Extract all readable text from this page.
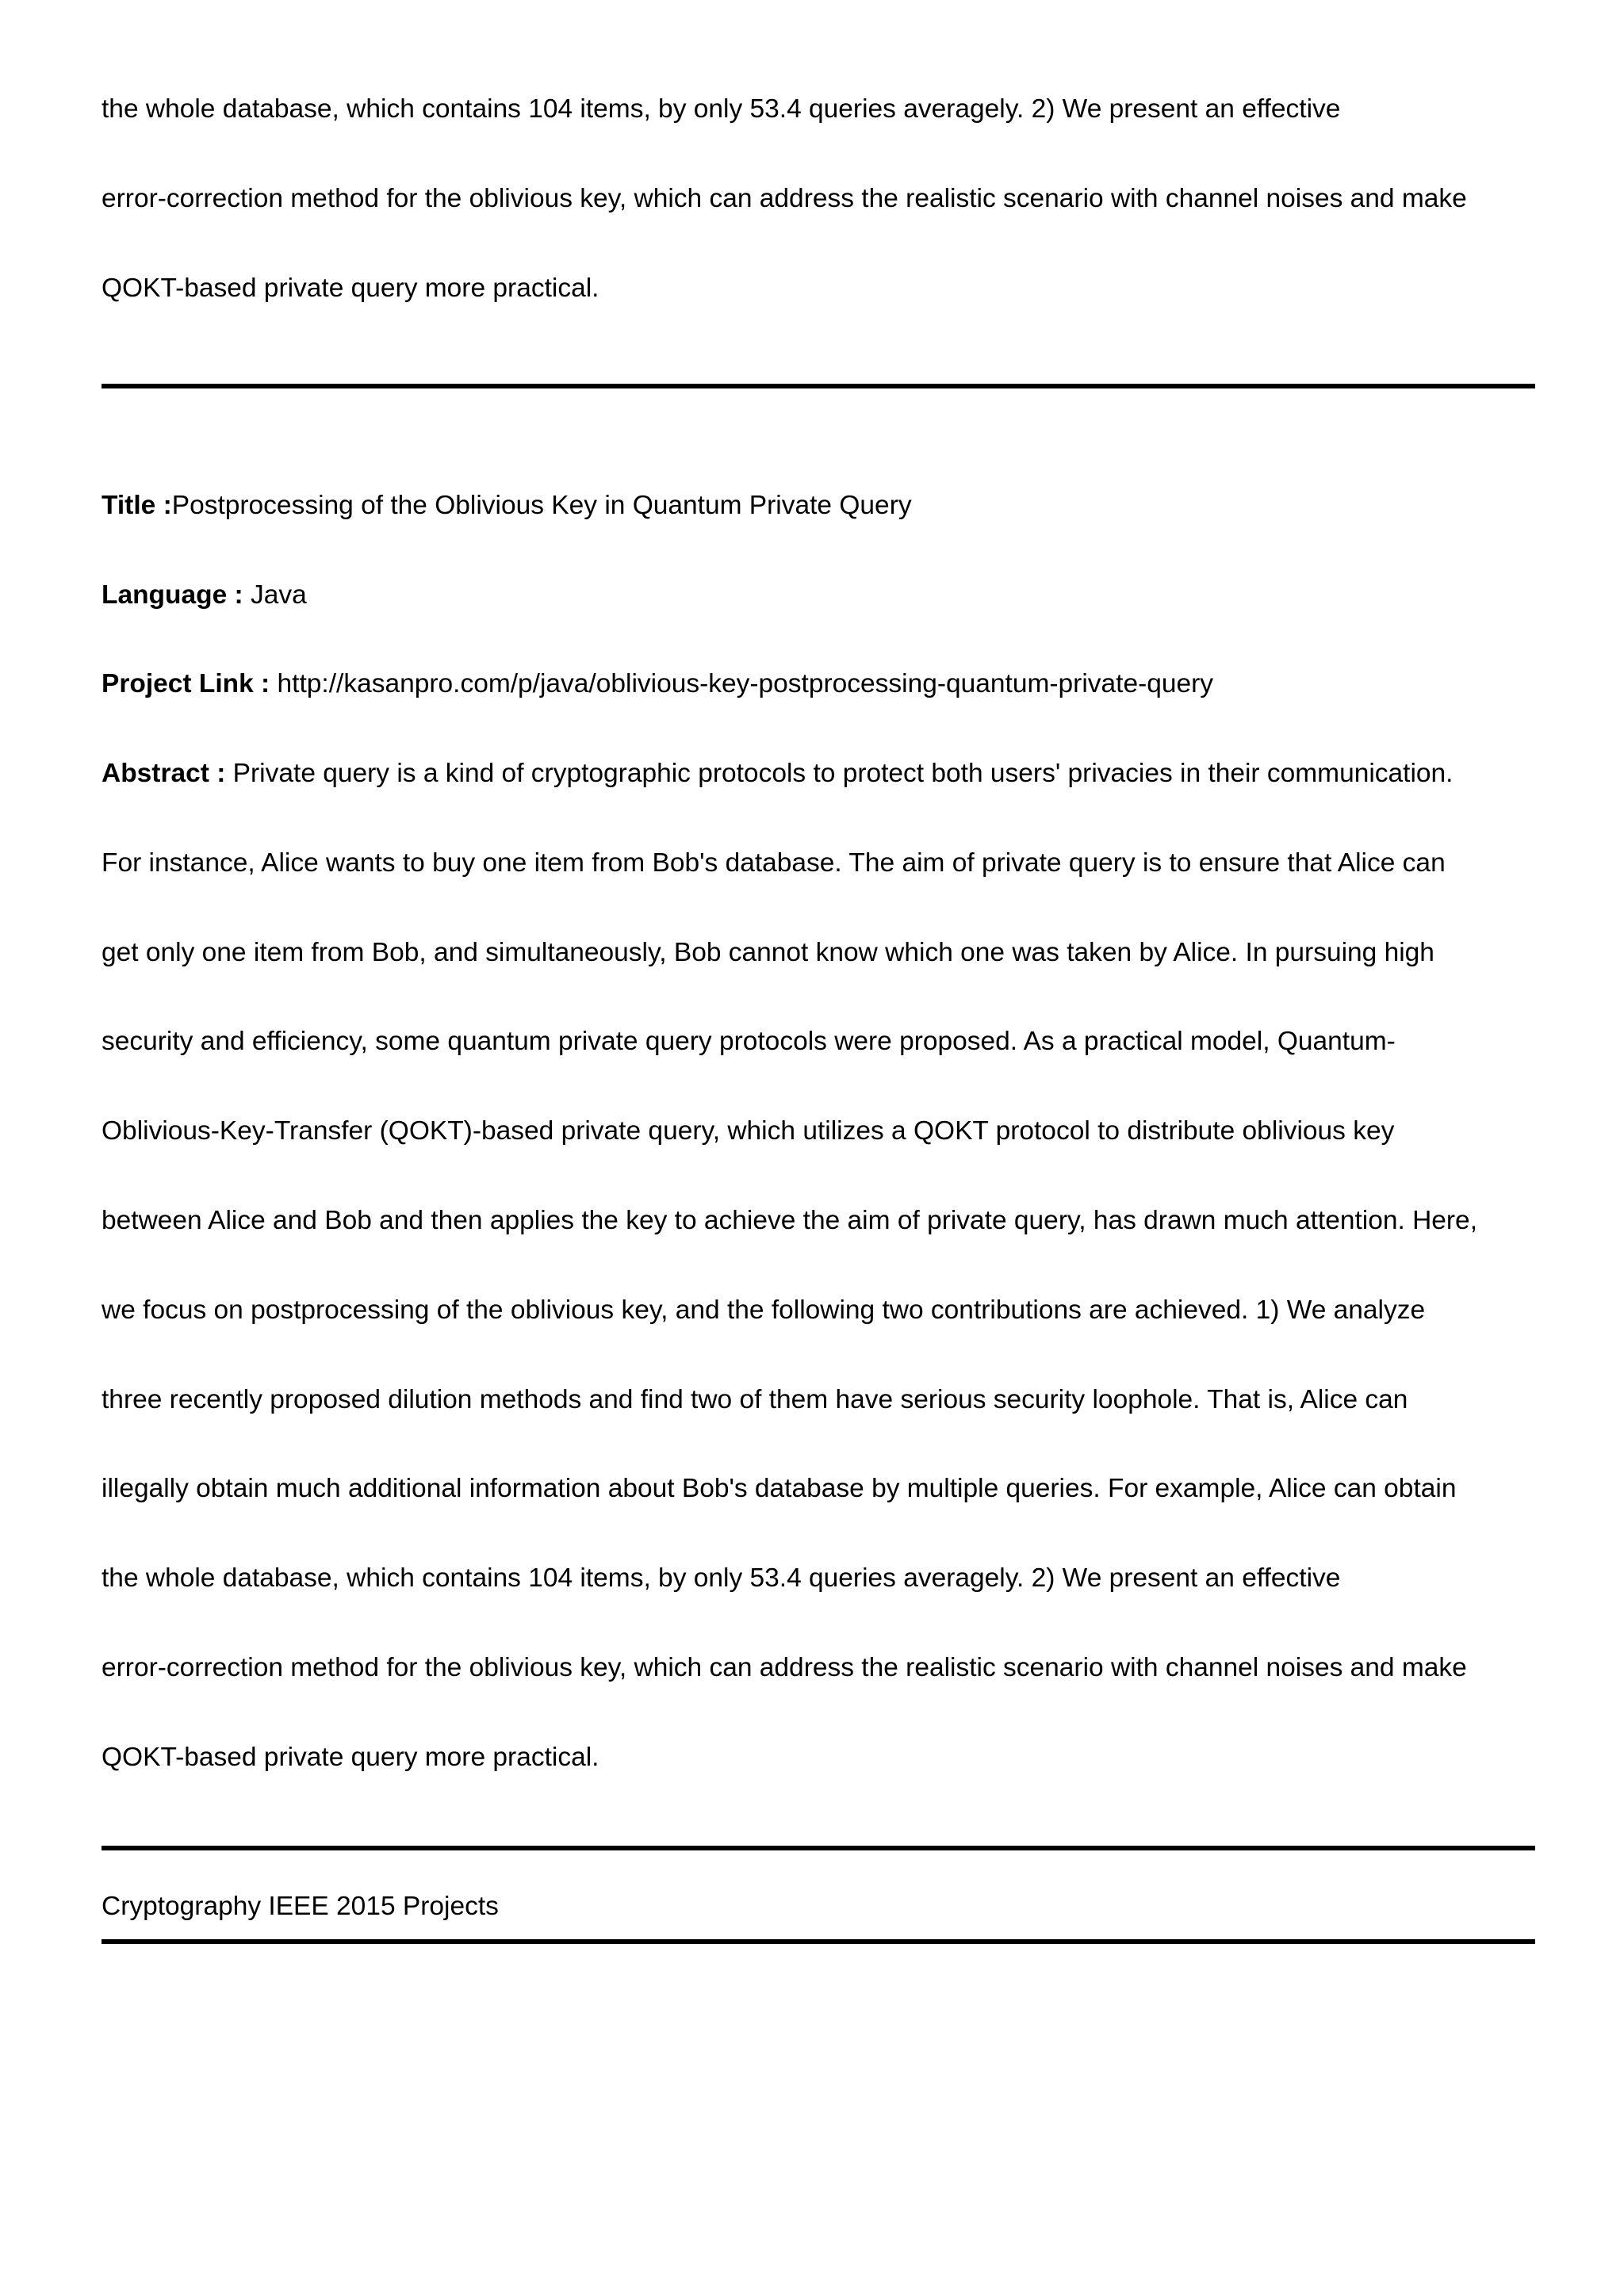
the whole database, which contains 104 items, by only 53.4 queries averagely. 2) We present an effective

error-correction method for the oblivious key, which can address the realistic scenario with channel noises and make

QOKT-based private query more practical.

Title :Postprocessing of the Oblivious Key in Quantum Private Query

Language : Java

Project Link : http://kasanpro.com/p/java/oblivious-key-postprocessing-quantum-private-query

Abstract : Private query is a kind of cryptographic protocols to protect both users' privacies in their communication.

For instance, Alice wants to buy one item from Bob's database. The aim of private query is to ensure that Alice can

get only one item from Bob, and simultaneously, Bob cannot know which one was taken by Alice. In pursuing high

security and efficiency, some quantum private query protocols were proposed. As a practical model, Quantum-

Oblivious-Key-Transfer (QOKT)-based private query, which utilizes a QOKT protocol to distribute oblivious key

between Alice and Bob and then applies the key to achieve the aim of private query, has drawn much attention. Here,

we focus on postprocessing of the oblivious key, and the following two contributions are achieved. 1) We analyze

three recently proposed dilution methods and find two of them have serious security loophole. That is, Alice can

illegally obtain much additional information about Bob's database by multiple queries. For example, Alice can obtain

the whole database, which contains 104 items, by only 53.4 queries averagely. 2) We present an effective

error-correction method for the oblivious key, which can address the realistic scenario with channel noises and make

QOKT-based private query more practical.

Cryptography IEEE 2015 Projects
